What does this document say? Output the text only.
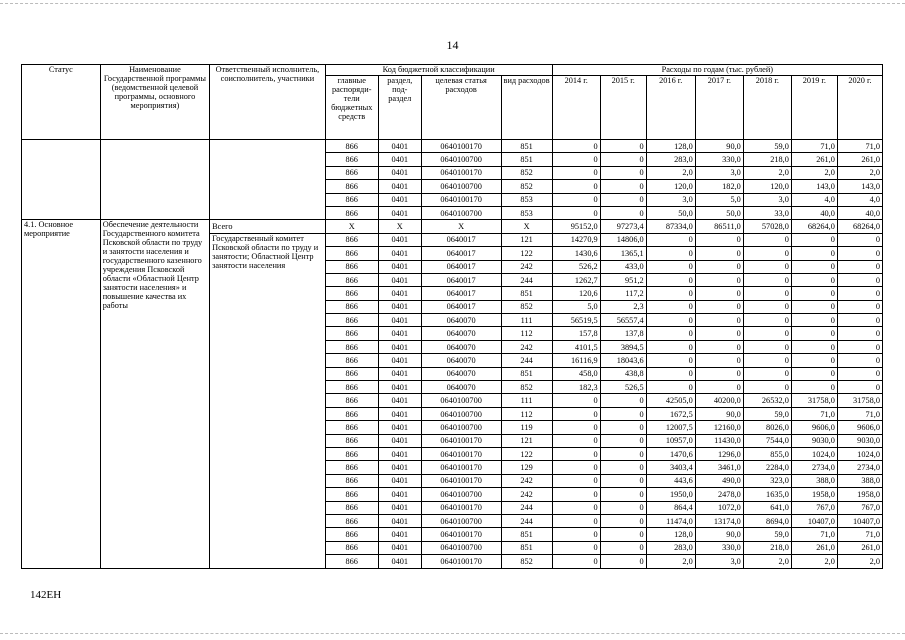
14
Статус	Наименование Государственной программы (ведомственной целевой программы, основного мероприятия)	Ответственный исполнитель, соисполнитель, участники	Код бюджетной классификации				Расходы по годам (тыс. рублей)						
			главные распоряди-тели бюджетных средств	раздел, под-раздел	целевая статья расходов	вид расходов	2014 г.	2015 г.	2016 г.	2017 г.	2018 г.	2019 г.	2020 г.
			866	0401	0640100170	851	0	0	128,0	90,0	59,0	71,0	71,0
			866	0401	0640100700	851	0	0	283,0	330,0	218,0	261,0	261,0
			866	0401	0640100170	852	0	0	2,0	3,0	2,0	2,0	2,0
			866	0401	0640100700	852	0	0	120,0	182,0	120,0	143,0	143,0
			866	0401	0640100170	853	0	0	3,0	5,0	3,0	4,0	4,0
			866	0401	0640100700	853	0	0	50,0	50,0	33,0	40,0	40,0
4.1. Основное мероприятие	Обеспечение деятельности Государственного комитета Псковской области по труду и занятости населения и государственного казенного учреждения Псковской области «Областной Центр занятости населения» и повышение качества их работы	Всего	X	X	X	X	95152,0	97273,4	87334,0	86511,0	57028,0	68264,0	68264,0
		Государственный комитет Псковской области по труду и занятости; Областной Центр занятости населения	866	0401	0640017	121	14270,9	14806,0	0	0	0	0	0
			866	0401	0640017	122	1430,6	1365,1	0	0	0	0	0
			866	0401	0640017	242	526,2	433,0	0	0	0	0	0
			866	0401	0640017	244	1262,7	951,2	0	0	0	0	0
			866	0401	0640017	851	120,6	117,2	0	0	0	0	0
			866	0401	0640017	852	5,0	2,3	0	0	0	0	0
			866	0401	0640070	111	56519,5	56557,4	0	0	0	0	0
			866	0401	0640070	112	157,8	137,8	0	0	0	0	0
			866	0401	0640070	242	4101,5	3894,5	0	0	0	0	0
			866	0401	0640070	244	16116,9	18043,6	0	0	0	0	0
			866	0401	0640070	851	458,0	438,8	0	0	0	0	0
			866	0401	0640070	852	182,3	526,5	0	0	0	0	0
			866	0401	0640100700	111	0	0	42505,0	40200,0	26532,0	31758,0	31758,0
			866	0401	0640100700	112	0	0	1672,5	90,0	59,0	71,0	71,0
			866	0401	0640100700	119	0	0	12007,5	12160,0	8026,0	9606,0	9606,0
			866	0401	0640100170	121	0	0	10957,0	11430,0	7544,0	9030,0	9030,0
			866	0401	0640100170	122	0	0	1470,6	1296,0	855,0	1024,0	1024,0
			866	0401	0640100170	129	0	0	3403,4	3461,0	2284,0	2734,0	2734,0
			866	0401	0640100170	242	0	0	443,6	490,0	323,0	388,0	388,0
			866	0401	0640100700	242	0	0	1950,0	2478,0	1635,0	1958,0	1958,0
			866	0401	0640100170	244	0	0	864,4	1072,0	641,0	767,0	767,0
			866	0401	0640100700	244	0	0	11474,0	13174,0	8694,0	10407,0	10407,0
			866	0401	0640100170	851	0	0	128,0	90,0	59,0	71,0	71,0
			866	0401	0640100700	851	0	0	283,0	330,0	218,0	261,0	261,0
			866	0401	0640100170	852	0	0	2,0	3,0	2,0	2,0	2,0
142EH
